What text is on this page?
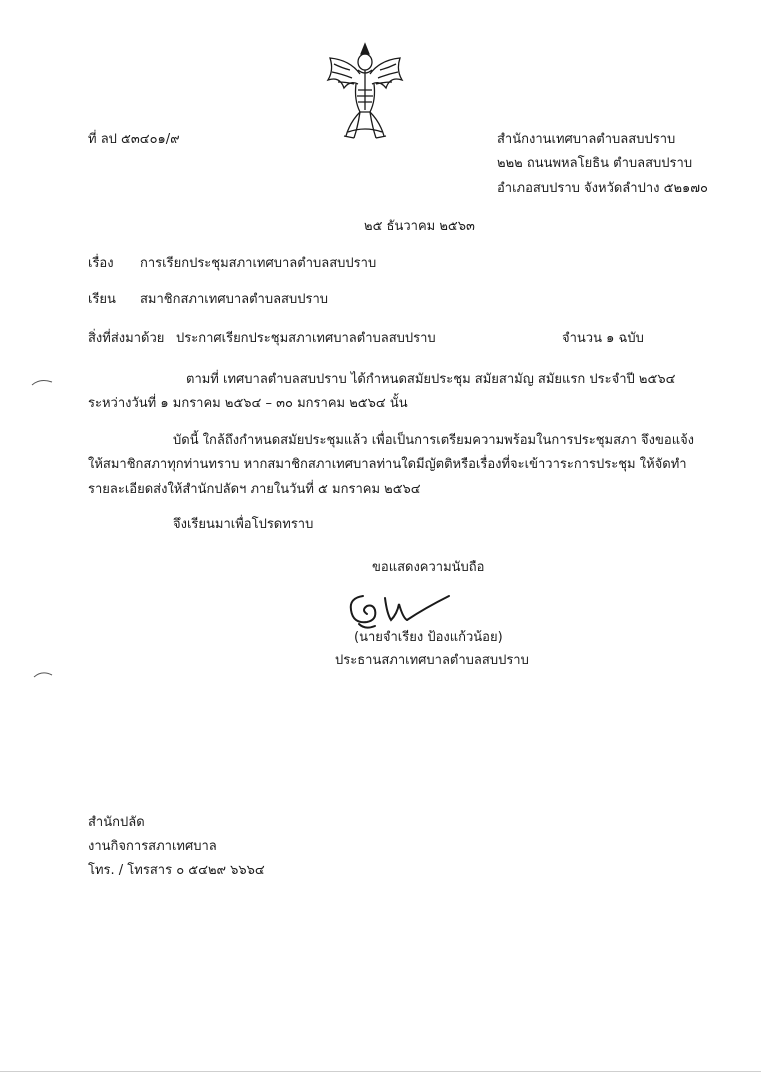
ที่ ลป ๕๓๔๐๑/๙	สำนักงานเทศบาลตำบลสบปราบ
๒๒๒ ถนนพหลโยธิน ตำบลสบปราบ
อำเภอสบปราบ จังหวัดลำปาง ๕๒๑๗๐
๒๕ ธันวาคม ๒๕๖๓
เรื่อง การเรียกประชุมสภาเทศบาลตำบลสบปราบ
เรียน สมาชิกสภาเทศบาลตำบลสบปราบ
สิ่งที่ส่งมาด้วย ประกาศเรียกประชุมสภาเทศบาลตำบลสบปราบ	จำนวน ๑ ฉบับ
ตามที่ เทศบาลตำบลสบปราบ ได้กำหนดสมัยประชุม สมัยสามัญ สมัยแรก ประจำปี ๒๕๖๔
ระหว่างวันที่ ๑ มกราคม ๒๕๖๔ – ๓๐ มกราคม ๒๕๖๔ นั้น
บัดนี้ ใกล้ถึงกำหนดสมัยประชุมแล้ว เพื่อเป็นการเตรียมความพร้อมในการประชุมสภา จึงขอแจ้ง
ให้สมาชิกสภาทุกท่านทราบ หากสมาชิกสภาเทศบาลท่านใดมีญัตติหรือเรื่องที่จะเข้าวาระการประชุม ให้จัดทำ
รายละเอียดส่งให้สำนักปลัดฯ ภายในวันที่ ๕ มกราคม ๒๕๖๔
จึงเรียนมาเพื่อโปรดทราบ
ขอแสดงความนับถือ
(นายจำเรียง ป้องแก้วน้อย)
ประธานสภาเทศบาลตำบลสบปราบ
สำนักปลัด
งานกิจการสภาเทศบาล
โทร. / โทรสาร ๐ ๕๔๒๙ ๖๖๖๔
